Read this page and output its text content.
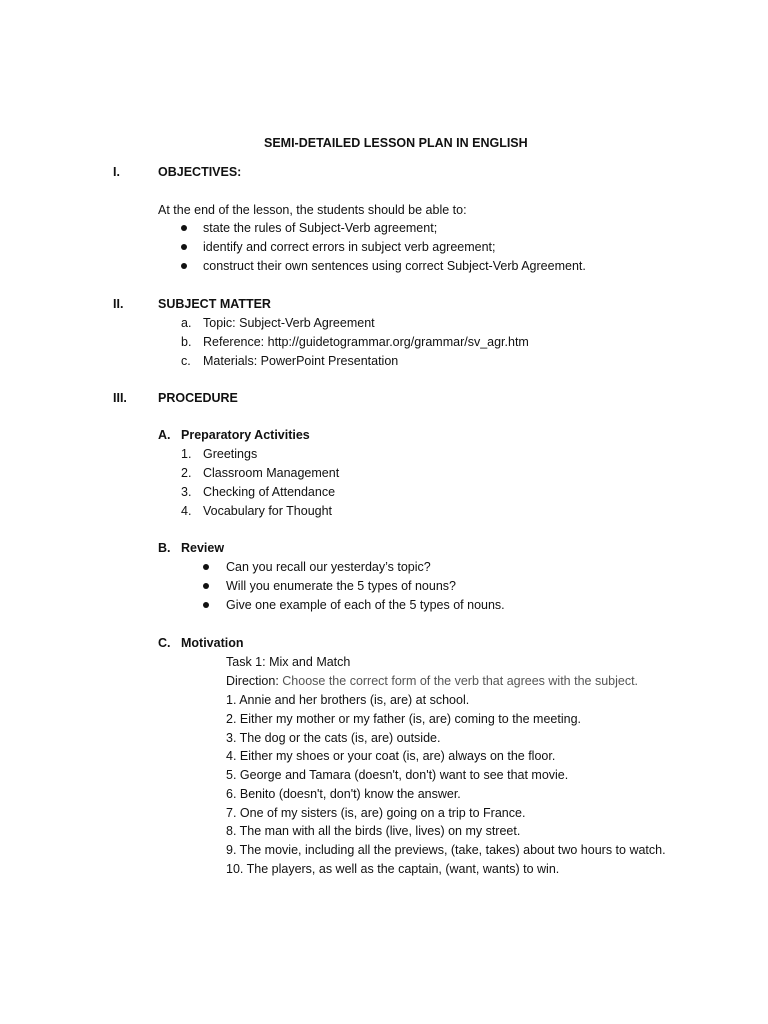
SEMI-DETAILED LESSON PLAN IN ENGLISH
I.	OBJECTIVES:
At the end of the lesson, the students should be able to:
state the rules of Subject-Verb agreement;
identify and correct errors in subject verb agreement;
construct their own sentences using correct Subject-Verb Agreement.
II.	SUBJECT MATTER
a. Topic: Subject-Verb Agreement
b. Reference: http://guidetogrammar.org/grammar/sv_agr.htm
c. Materials: PowerPoint Presentation
III. PROCEDURE
A. Preparatory Activities
1. Greetings
2. Classroom Management
3. Checking of Attendance
4. Vocabulary for Thought
B. Review
Can you recall our yesterday’s topic?
Will you enumerate the 5 types of nouns?
Give one example of each of the 5 types of nouns.
C. Motivation
Task 1: Mix and Match
Direction: Choose the correct form of the verb that agrees with the subject.
1. Annie and her brothers (is, are) at school.
2. Either my mother or my father (is, are) coming to the meeting.
3. The dog or the cats (is, are) outside.
4. Either my shoes or your coat (is, are) always on the floor.
5. George and Tamara (doesn't, don't) want to see that movie.
6. Benito (doesn't, don't) know the answer.
7. One of my sisters (is, are) going on a trip to France.
8. The man with all the birds (live, lives) on my street.
9. The movie, including all the previews, (take, takes) about two hours to watch.
10. The players, as well as the captain, (want, wants) to win.
